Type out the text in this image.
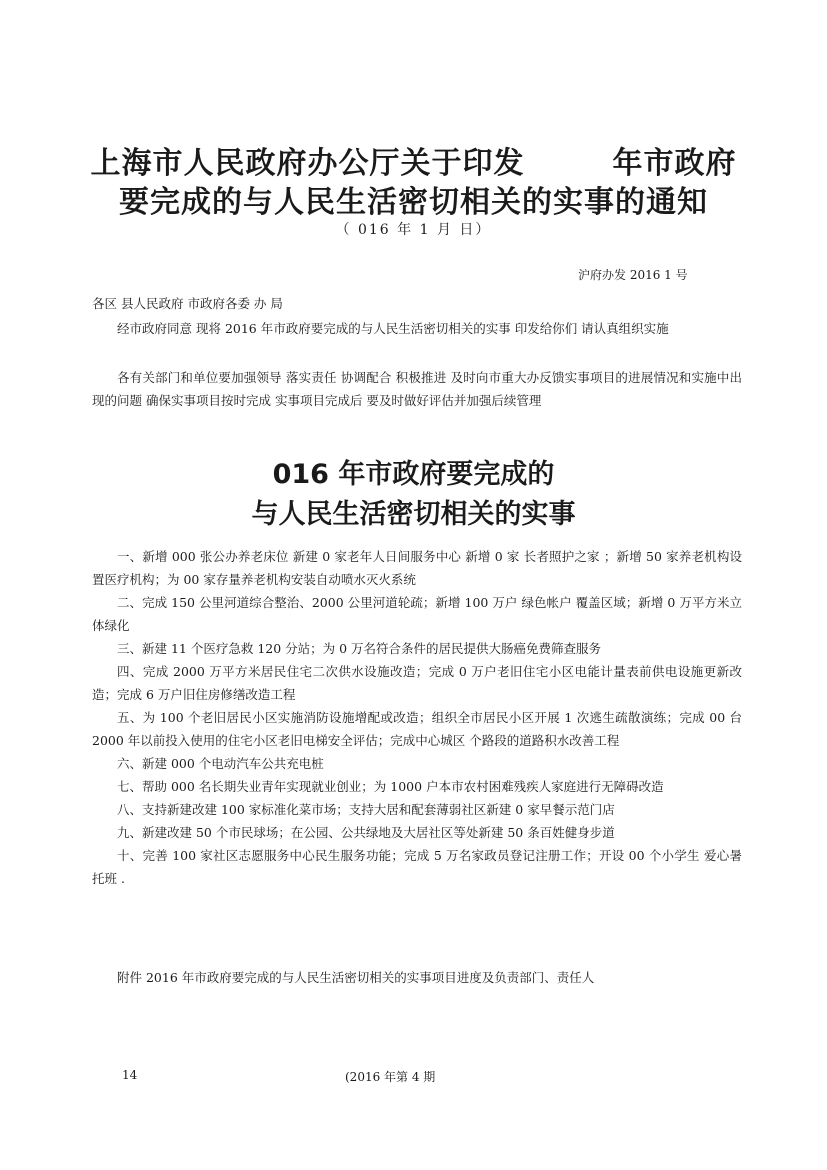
上海市人民政府办公厅关于印发	年市政府
要完成的与人民生活密切相关的实事的通知
（ 016 年 1 月 日）
沪府办发 2016 1 号
各区 县人民政府 市政府各委 办 局
经市政府同意 现将 2016 年市政府要完成的与人民生活密切相关的实事 印发给你们 请认真组织实施
各有关部门和单位要加强领导 落实责任 协调配合 积极推进 及时向市重大办反馈实事项目的进展情况和实施中出现的问题 确保实事项目按时完成 实事项目完成后 要及时做好评估并加强后续管理
016 年市政府要完成的
与人民生活密切相关的实事

一、新增 000 张公办养老床位 新建 0 家老年人日间服务中心 新增 0 家 长者照护之家 ；新增 50 家养老机构设置医疗机构；为 00 家存量养老机构安装自动喷水灭火系统

二、完成 150 公里河道综合整治、2000 公里河道轮疏；新增 100 万户 绿色帐户 覆盖区域；新增 0 万平方米立体绿化

三、新建 11 个医疗急救 120 分站；为 0 万名符合条件的居民提供大肠癌免费筛查服务

四、完成 2000 万平方米居民住宅二次供水设施改造；完成 0 万户老旧住宅小区电能计量表前供电设施更新改造；完成 6 万户旧住房修缮改造工程

五、为 100 个老旧居民小区实施消防设施增配或改造；组织全市居民小区开展 1 次逃生疏散演练；完成 00 台 2000 年以前投入使用的住宅小区老旧电梯安全评估；完成中心城区 个路段的道路积水改善工程

六、新建 000 个电动汽车公共充电桩

七、帮助 000 名长期失业青年实现就业创业；为 1000 户本市农村困难残疾人家庭进行无障碍改造

八、支持新建改建 100 家标准化菜市场；支持大居和配套薄弱社区新建 0 家早餐示范门店

九、新建改建 50 个市民球场；在公园、公共绿地及大居社区等处新建 50 条百姓健身步道

十、完善 100 家社区志愿服务中心民生服务功能；完成 5 万名家政员登记注册工作；开设 00 个小学生 爱心暑托班 .

附件 2016 年市政府要完成的与人民生活密切相关的实事项目进度及负责部门、责任人
14	(2016 年第 4 期
